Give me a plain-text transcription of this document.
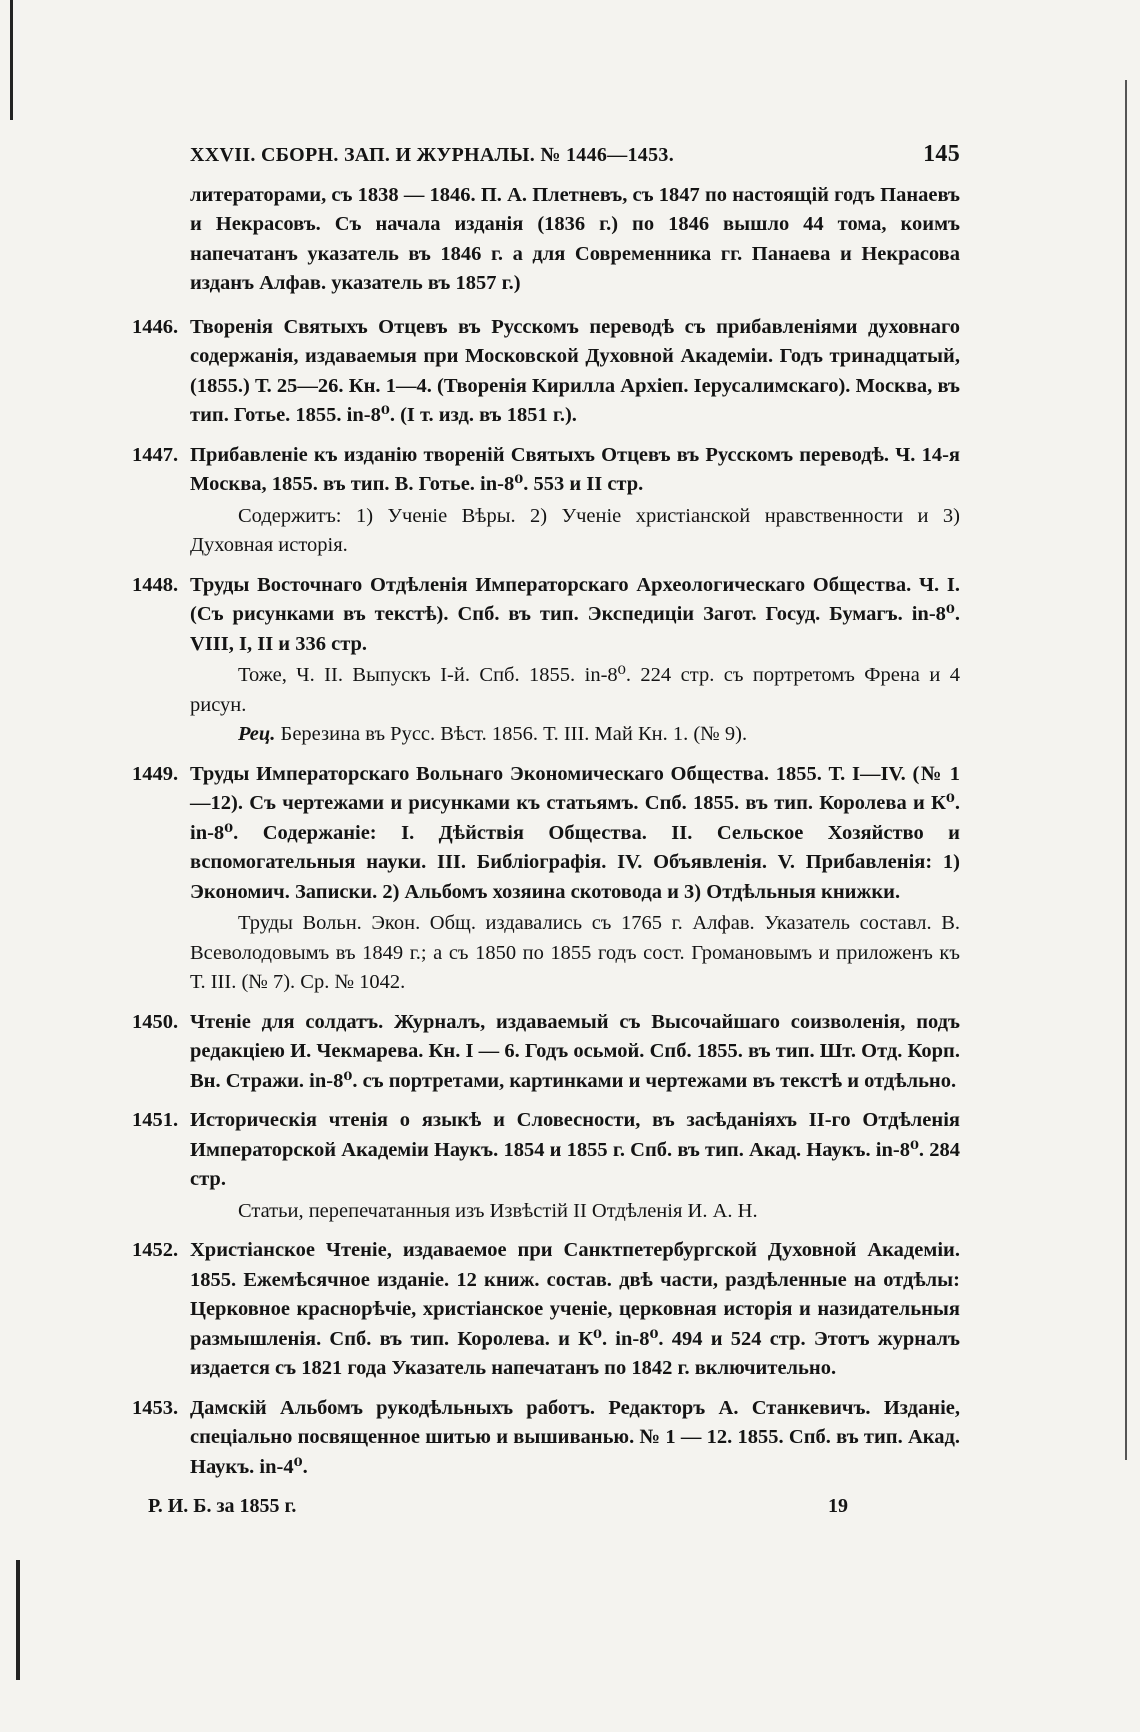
XXVII. СБОРН. ЗАП. И ЖУРНАЛЫ. № 1446—1453.	145

литераторами, съ 1838 — 1846. П. А. Плетневъ, съ 1847 по настоящій годъ Панаевъ и Некрасовъ. Съ начала изданія (1836 г.) по 1846 вышло 44 тома, коимъ напечатанъ указатель въ 1846 г. а для Современника гг. Панаева и Некрасова изданъ Алфав. указатель въ 1857 г.)

1446. Творенія Святыхъ Отцевъ въ Русскомъ переводѣ съ прибавленіями духовнаго содержанія, издаваемыя при Московской Духовной Академіи. Годъ тринадцатый, (1855.) Т. 25—26. Кн. 1—4. (Творенія Кирилла Архіеп. Іерусалимскаго). Москва, въ тип. Готье. 1855. in-8⁰. (I т. изд. въ 1851 г.).

1447. Прибавленіе къ изданію твореній Святыхъ Отцевъ въ Русскомъ переводѣ. Ч. 14-я Москва, 1855. въ тип. В. Готье. in-8⁰. 553 и II стр.

Содержитъ: 1) Ученіе Вѣры. 2) Ученіе христіанской нравственности и 3) Духовная исторія.

1448. Труды Восточнаго Отдѣленія Императорскаго Археологическаго Общества. Ч. I. (Съ рисунками въ текстѣ). Спб. въ тип. Экспедиціи Загот. Госуд. Бумагъ. in-8⁰. VIII, I, II и 336 стр.

Тоже, Ч. II. Выпускъ I-й. Спб. 1855. in-8⁰. 224 стр. съ портретомъ Френа и 4 рисун.

Рец. Березина въ Русс. Вѣст. 1856. Т. III. Май Кн. 1. (№ 9).

1449. Труды Императорскаго Вольнаго Экономическаго Общества. 1855. Т. I—IV. (№ 1—12). Съ чертежами и рисунками къ статьямъ. Спб. 1855. въ тип. Королева и К⁰. in-8⁰. Содержаніе: I. Дѣйствія Общества. II. Сельское Хозяйство и вспомогательныя науки. III. Библіографія. IV. Объявленія. V. Прибавленія: 1) Экономич. Записки. 2) Альбомъ хозяина скотовода и 3) Отдѣльныя книжки.

Труды Вольн. Экон. Общ. издавались съ 1765 г. Алфав. Указатель составл. В. Всеволодовымъ въ 1849 г.; а съ 1850 по 1855 годъ сост. Громановымъ и приложенъ къ Т. III. (№ 7). Ср. № 1042.

1450. Чтеніе для солдатъ. Журналъ, издаваемый съ Высочайшаго соизволенія, подъ редакціею И. Чекмарева. Кн. I — 6. Годъ осьмой. Спб. 1855. въ тип. Шт. Отд. Корп. Вн. Стражи. in-8⁰. съ портретами, картинками и чертежами въ текстѣ и отдѣльно.

1451. Историческія чтенія о языкѣ и Словесности, въ засѣданіяхъ II-го Отдѣленія Императорской Академіи Наукъ. 1854 и 1855 г. Спб. въ тип. Акад. Наукъ. in-8⁰. 284 стр.

Статьи, перепечатанныя изъ Извѣстій II Отдѣленія И. А. Н.

1452. Христіанское Чтеніе, издаваемое при Санктпетербургской Духовной Академіи. 1855. Ежемѣсячное изданіе. 12 книж. состав. двѣ части, раздѣленные на отдѣлы: Церковное краснорѣчіе, христіанское ученіе, церковная исторія и назидательныя размышленія. Спб. въ тип. Королева. и К⁰. in-8⁰. 494 и 524 стр. Этотъ журналъ издается съ 1821 года Указатель напечатанъ по 1842 г. включительно.

1453. Дамскій Альбомъ рукодѣльныхъ работъ. Редакторъ А. Станкевичъ. Изданіе, спеціально посвященное шитью и вышиванью. № 1 — 12. 1855. Спб. въ тип. Акад. Наукъ. in-4⁰.

Р. И. Б. за 1855 г.	19
